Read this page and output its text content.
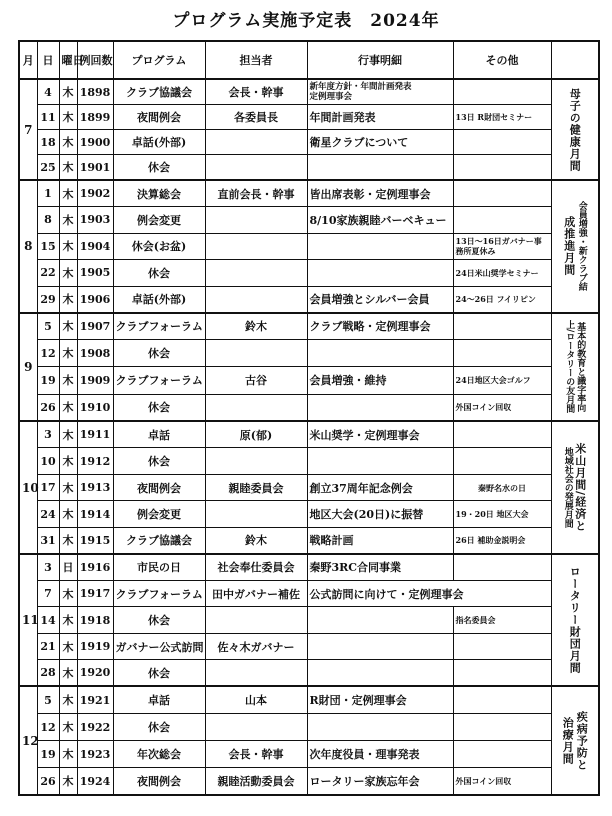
プログラム実施予定表　2024年
月	日	曜日	例回数	プログラム	担当者	行事明細	その他	
7	4	木	1898	クラブ協議会	会長・幹事	新年度方針・年間計画発表
定例理事会		母子の健康月間

	11	木	1899	夜間例会	各委員長	年間計画発表	13日 R財団セミナー	
	18	木	1900	卓話(外部)		衛星クラブについて		
	25	木	1901	休会				
8	1	木	1902	決算総会	直前会長・幹事	皆出席表彰・定例理事会		会員増強・新クラブ結
成推進月間

	8	木	1903	例会変更		8/10家族親睦バーベキュー		
	15	木	1904	休会(お盆)			13日～16日ガバナー事務所夏休み	
	22	木	1905	休会			24日米山奨学セミナー	
	29	木	1906	卓話(外部)		会員増強とシルバー会員	24～26日 フイリピン	
9	5	木	1907	クラブフォーラム	鈴木	クラブ戦略・定例理事会		基本的教育と識字率向
上/ロータリーの友月間

	12	木	1908	休会				
	19	木	1909	クラブフォーラム	古谷	会員増強・維持	24日地区大会ゴルフ	
	26	木	1910	休会			外国コイン回収	
10	3	木	1911	卓話	原(郁)	米山奨学・定例理事会		米山月間/経済と
地域社会の発展月間

	10	木	1912	休会				
	17	木	1913	夜間例会	親睦委員会	創立37周年記念例会	秦野名水の日	
	24	木	1914	例会変更		地区大会(20日)に振替	19・20日 地区大会	
	31	木	1915	クラブ協議会	鈴木	戦略計画	26日 補助金説明会	
11	3	日	1916	市民の日	社会奉仕委員会	秦野3RC合同事業		ロータリー財団月間

	7	木	1917	クラブフォーラム	田中ガバナー補佐	公式訪問に向けて・定例理事会		
	14	木	1918	休会			指名委員会	
	21	木	1919	ガバナー公式訪問	佐々木ガバナー			
	28	木	1920	休会				
12	5	木	1921	卓話	山本	R財団・定例理事会		疾病予防と
治療月間

	12	木	1922	休会				
	19	木	1923	年次総会	会長・幹事	次年度役員・理事発表		
	26	木	1924	夜間例会	親睦活動委員会	ロータリー家族忘年会	外国コイン回収	
